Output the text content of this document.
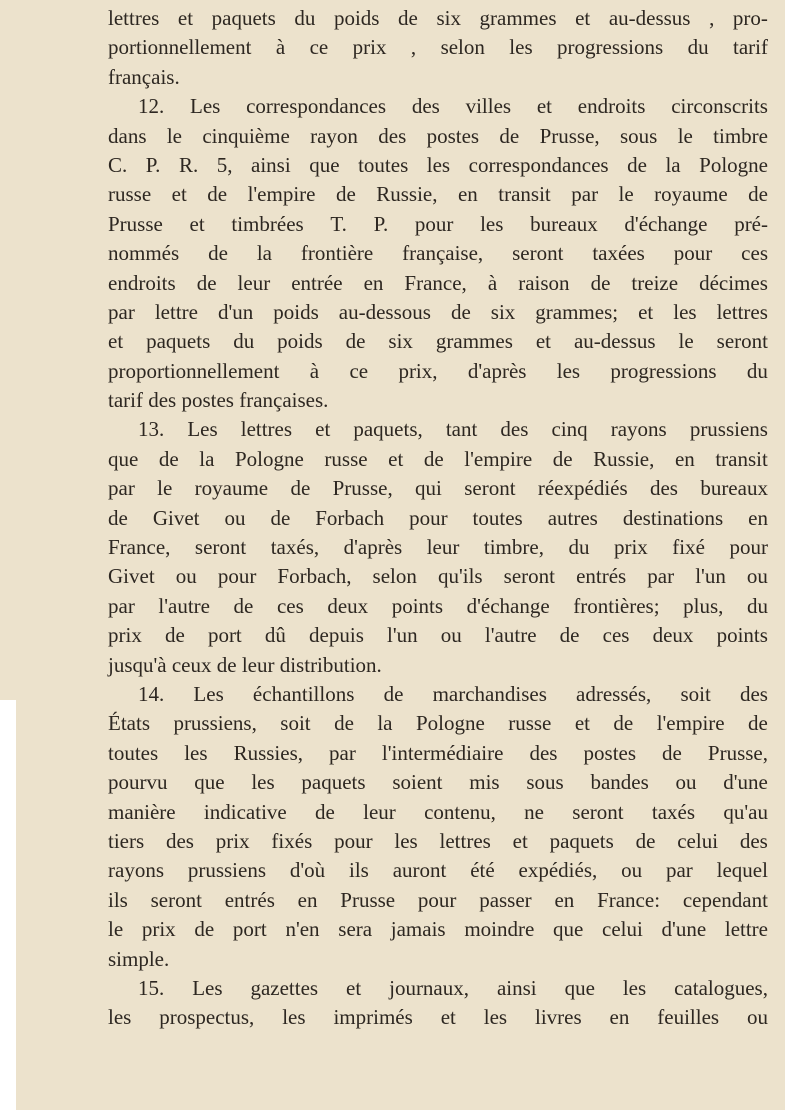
lettres et paquets du poids de six grammes et au-dessus , pro-
portionnellement à ce prix , selon les progressions du tarif
français.
12. Les correspondances des villes et endroits circonscrits
dans le cinquième rayon des postes de Prusse, sous le timbre
C. P. R. 5, ainsi que toutes les correspondances de la Pologne
russe et de l'empire de Russie, en transit par le royaume de
Prusse et timbrées T. P. pour les bureaux d'échange pré-
nommés de la frontière française, seront taxées pour ces
endroits de leur entrée en France, à raison de treize décimes
par lettre d'un poids au-dessous de six grammes; et les lettres
et paquets du poids de six grammes et au-dessus le seront
proportionnellement à ce prix, d'après les progressions du
tarif des postes françaises.
13. Les lettres et paquets, tant des cinq rayons prussiens
que de la Pologne russe et de l'empire de Russie, en transit
par le royaume de Prusse, qui seront réexpédiés des bureaux
de Givet ou de Forbach pour toutes autres destinations en
France, seront taxés, d'après leur timbre, du prix fixé pour
Givet ou pour Forbach, selon qu'ils seront entrés par l'un ou
par l'autre de ces deux points d'échange frontières; plus, du
prix de port dû depuis l'un ou l'autre de ces deux points
jusqu'à ceux de leur distribution.
14. Les échantillons de marchandises adressés, soit des
États prussiens, soit de la Pologne russe et de l'empire de
toutes les Russies, par l'intermédiaire des postes de Prusse,
pourvu que les paquets soient mis sous bandes ou d'une
manière indicative de leur contenu, ne seront taxés qu'au
tiers des prix fixés pour les lettres et paquets de celui des
rayons prussiens d'où ils auront été expédiés, ou par lequel
ils seront entrés en Prusse pour passer en France: cependant
le prix de port n'en sera jamais moindre que celui d'une lettre
simple.
15. Les gazettes et journaux, ainsi que les catalogues,
les prospectus, les imprimés et les livres en feuilles ou
